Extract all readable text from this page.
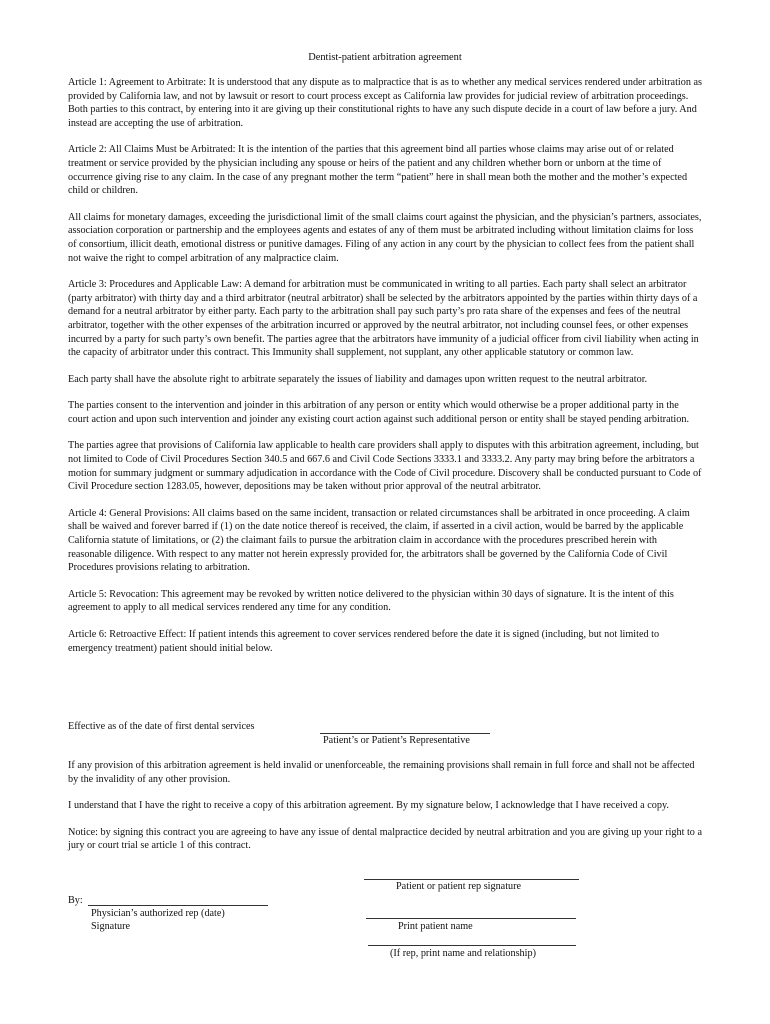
Dentist-patient arbitration agreement

Article 1: Agreement to Arbitrate: It is understood that any dispute as to malpractice that is as to whether any medical services rendered under arbitration as provided by California law, and not by lawsuit or resort to court process except as California law provides for judicial review of arbitration proceedings. Both parties to this contract, by entering into it are giving up their constitutional rights to have any such dispute decide in a court of law before a jury. And instead are accepting the use of arbitration.

Article 2: All Claims Must be Arbitrated: It is the intention of the parties that this agreement bind all parties whose claims may arise out of or related treatment or service provided by the physician including any spouse or heirs of the patient and any children whether born or unborn at the time of occurrence giving rise to any claim. In the case of any pregnant mother the term “patient” here in shall mean both the mother and the mother’s expected child or children.

All claims for monetary damages, exceeding the jurisdictional limit of the small claims court against the physician, and the physician’s partners, associates, association corporation or partnership and the employees agents and estates of any of them must be arbitrated including without limitation claims for loss of consortium, illicit death, emotional distress or punitive damages. Filing of any action in any court by the physician to collect fees from the patient shall not waive the right to compel arbitration of any malpractice claim.

Article 3: Procedures and Applicable Law: A demand for arbitration must be communicated in writing to all parties. Each party shall select an arbitrator (party arbitrator) with thirty day and a third arbitrator (neutral arbitrator) shall be selected by the arbitrators appointed by the parties within thirty days of a demand for a neutral arbitrator by either party. Each party to the arbitration shall pay such party’s pro rata share of the expenses and fees of the neutral arbitrator, together with the other expenses of the arbitration incurred or approved by the neutral arbitrator, not including counsel fees, or other expenses incurred by a party for such party’s own benefit. The parties agree that the arbitrators have immunity of a judicial officer from civil liability when acting in the capacity of arbitrator under this contract. This Immunity shall supplement, not supplant, any other applicable statutory or common law.

Each party shall have the absolute right to arbitrate separately the issues of liability and damages upon written request to the neutral arbitrator.

The parties consent to the intervention and joinder in this arbitration of any person or entity which would otherwise be a proper additional party in the court action and upon such intervention and joinder any existing court action against such additional person or entity shall be stayed pending arbitration.

The parties agree that provisions of California law applicable to health care providers shall apply to disputes with this arbitration agreement, including, but not limited to Code of Civil Procedures Section 340.5 and 667.6 and Civil Code Sections 3333.1 and 3333.2. Any party may bring before the arbitrators a motion for summary judgment or summary adjudication in accordance with the Code of Civil procedure. Discovery shall be conducted pursuant to Code of Civil Procedure section 1283.05, however, depositions may be taken without prior approval of the neutral arbitrator.

Article 4: General Provisions: All claims based on the same incident, transaction or related circumstances shall be arbitrated in once proceeding. A claim shall be waived and forever barred if (1) on the date notice thereof is received, the claim, if asserted in a civil action, would be barred by the applicable California statute of limitations, or (2) the claimant fails to pursue the arbitration claim in accordance with the procedures prescribed herein with reasonable diligence. With respect to any matter not herein expressly provided for, the arbitrators shall be governed by the California Code of Civil Procedures provisions relating to arbitration.

Article 5: Revocation: This agreement may be revoked by written notice delivered to the physician within 30 days of signature. It is the intent of this agreement to apply to all medical services rendered any time for any condition.

Article 6: Retroactive Effect: If patient intends this agreement to cover services rendered before the date it is signed (including, but not limited to emergency treatment) patient should initial below.

Effective as of the date of first dental services
Patient’s or Patient’s Representative

If any provision of this arbitration agreement is held invalid or unenforceable, the remaining provisions shall remain in full force and shall not be affected by the invalidity of any other provision.

I understand that I have the right to receive a copy of this arbitration agreement. By my signature below, I acknowledge that I have received a copy.

Notice: by signing this contract you are agreeing to have any issue of dental malpractice decided by neutral arbitration and you are giving up your right to a jury or court trial se article 1 of this contract.

Patient or patient rep signature
By:
Physician’s authorized rep (date)
Signature	Print patient name
(If rep, print name and relationship)
